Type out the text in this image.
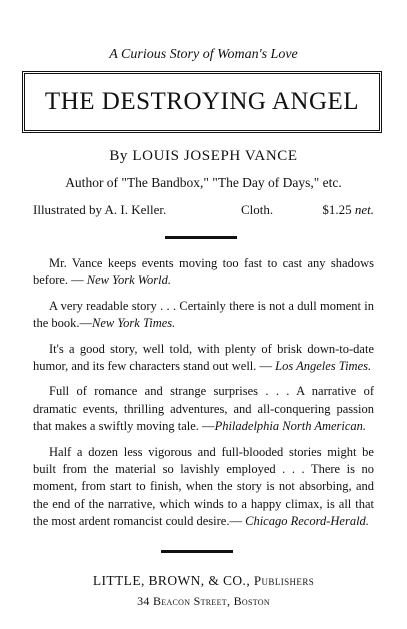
A Curious Story of Woman's Love
THE DESTROYING ANGEL
By LOUIS JOSEPH VANCE
Author of "The Bandbox," "The Day of Days," etc.
Illustrated by A. I. Keller.	Cloth.	$1.25 net.

Mr. Vance keeps events moving too fast to cast any shadows before. — New York World.

A very readable story . . . Certainly there is not a dull moment in the book.—New York Times.

It's a good story, well told, with plenty of brisk down-to-date humor, and its few characters stand out well. — Los Angeles Times.

Full of romance and strange surprises . . . A narrative of dramatic events, thrilling adventures, and all-conquering passion that makes a swiftly moving tale. —Philadelphia North American.

Half a dozen less vigorous and full-blooded stories might be built from the material so lavishly employed . . . There is no moment, from start to finish, when the story is not absorbing, and the end of the narrative, which winds to a happy climax, is all that the most ardent romancist could desire.— Chicago Record-Herald.

LITTLE, BROWN, & CO., Publishers
34 Beacon Street, Boston
